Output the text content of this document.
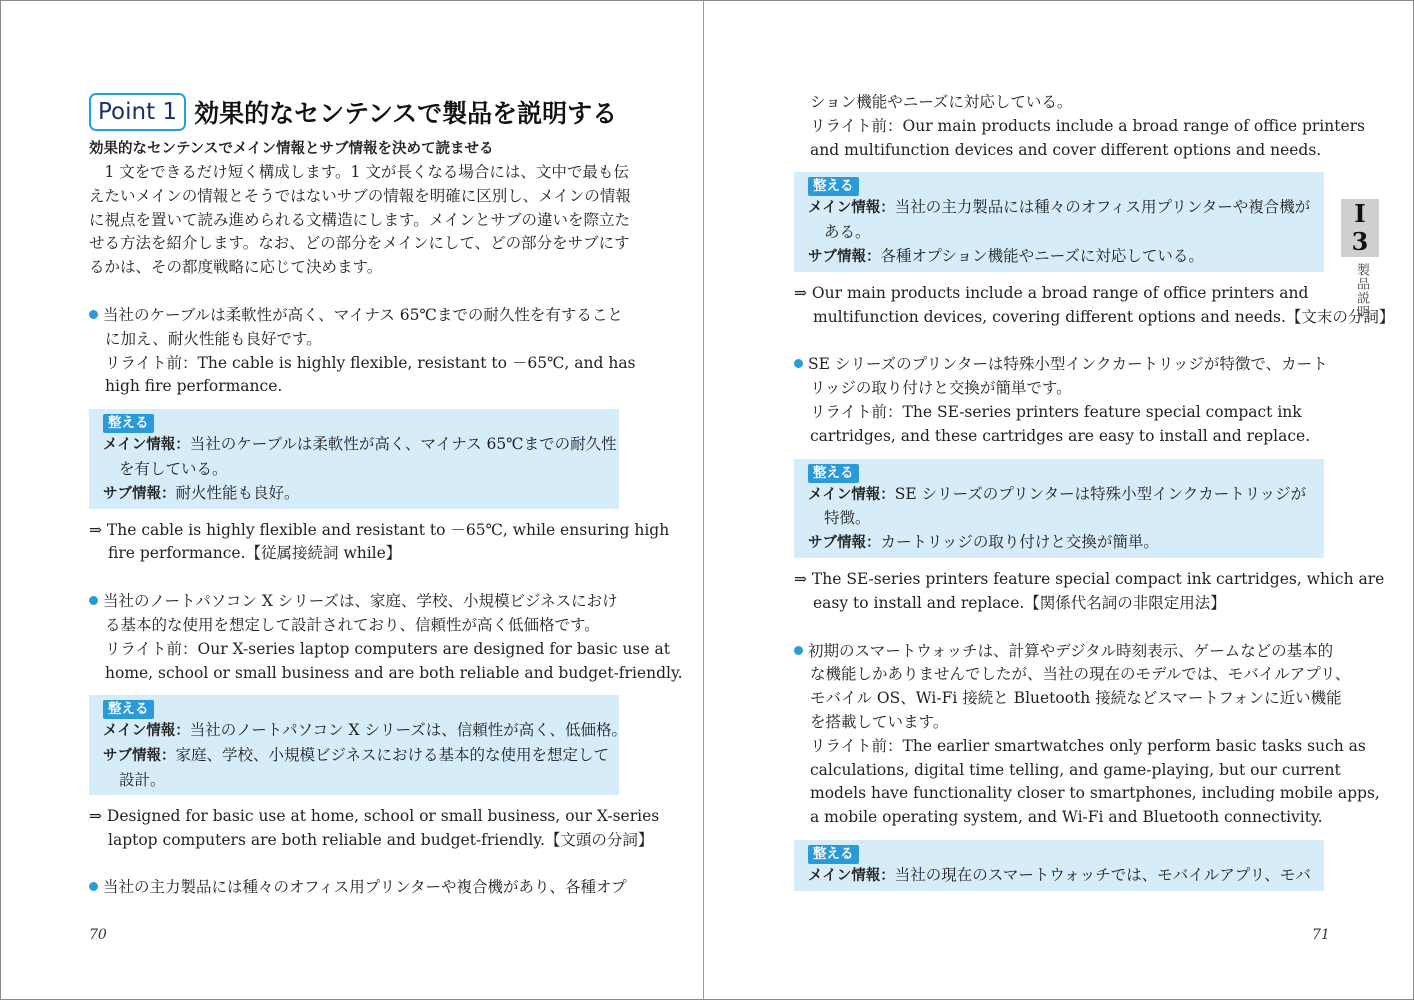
Point 1 効果的なセンテンスで製品を説明する
効果的なセンテンスでメイン情報とサブ情報を決めて読ませる
　1 文をできるだけ短く構成します。1 文が長くなる場合には、文中で最も伝
えたいメインの情報とそうではないサブの情報を明確に区別し、メインの情報
に視点を置いて読み進められる文構造にします。メインとサブの違いを際立た
せる方法を紹介します。なお、どの部分をメインにして、どの部分をサブにす
るかは、その都度戦略に応じて決めます。
当社のケーブルは柔軟性が高く、マイナス 65℃までの耐久性を有すること
に加え、耐火性能も良好です。
リライト前：The cable is highly flexible, resistant to －65℃, and has
high fire performance.
整える
メイン情報：当社のケーブルは柔軟性が高く、マイナス 65℃までの耐久性
を有している。
サブ情報：耐火性能も良好。
⇒ The cable is highly flexible and resistant to －65℃, while ensuring high
fire performance.【従属接続詞 while】
当社のノートパソコン X シリーズは、家庭、学校、小規模ビジネスにおけ
る基本的な使用を想定して設計されており、信頼性が高く低価格です。
リライト前：Our X-series laptop computers are designed for basic use at
home, school or small business and are both reliable and budget-friendly.
整える
メイン情報：当社のノートパソコン X シリーズは、信頼性が高く、低価格。
サブ情報：家庭、学校、小規模ビジネスにおける基本的な使用を想定して
設計。
⇒ Designed for basic use at home, school or small business, our X-series
laptop computers are both reliable and budget-friendly.【文頭の分詞】
当社の主力製品には種々のオフィス用プリンターや複合機があり、各種オプ
70
ション機能やニーズに対応している。
リライト前：Our main products include a broad range of office printers
and multifunction devices and cover different options and needs.
整える
メイン情報：当社の主力製品には種々のオフィス用プリンターや複合機が
ある。
サブ情報：各種オプション機能やニーズに対応している。
⇒ Our main products include a broad range of office printers and
multifunction devices, covering different options and needs.【文末の分詞】
SE シリーズのプリンターは特殊小型インクカートリッジが特徴で、カート
リッジの取り付けと交換が簡単です。
リライト前：The SE-series printers feature special compact ink
cartridges, and these cartridges are easy to install and replace.
整える
メイン情報：SE シリーズのプリンターは特殊小型インクカートリッジが
特徴。
サブ情報：カートリッジの取り付けと交換が簡単。
⇒ The SE-series printers feature special compact ink cartridges, which are
easy to install and replace.【関係代名詞の非限定用法】
初期のスマートウォッチは、計算やデジタル時刻表示、ゲームなどの基本的
な機能しかありませんでしたが、当社の現在のモデルでは、モバイルアプリ、
モバイル OS、Wi-Fi 接続と Bluetooth 接続などスマートフォンに近い機能
を搭載しています。
リライト前：The earlier smartwatches only perform basic tasks such as
calculations, digital time telling, and game-playing, but our current
models have functionality closer to smartphones, including mobile apps,
a mobile operating system, and Wi-Fi and Bluetooth connectivity.
整える
メイン情報：当社の現在のスマートウォッチでは、モバイルアプリ、モバ
I
3
製品説明
71
